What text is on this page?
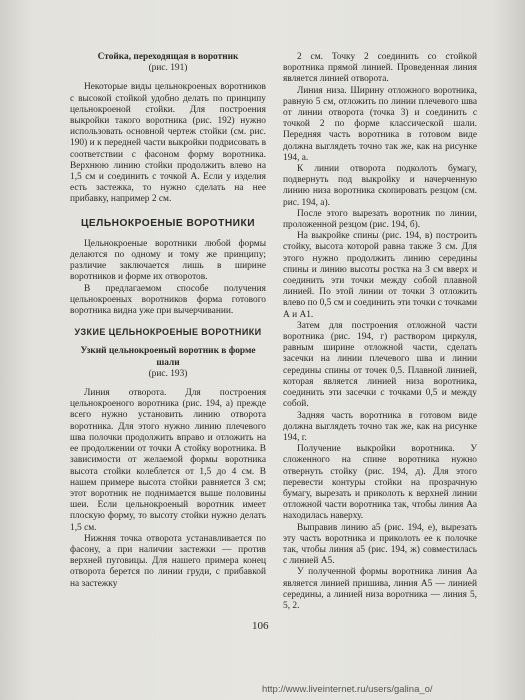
Стойка, переходящая в воротник

(рис. 191)

Некоторые виды цельнокроеных воротников с высокой стойкой удобно делать по принципу цельнокроеной стойки. Для построения выкройки такого воротника (рис. 192) нужно использовать основной чертеж стойки (см. рис. 190) и к передней части выкройки подрисовать в соответствии с фасоном форму воротника. Верхнюю линию стойки продолжить влево на 1,5 см и соединить с точкой А. Если у изделия есть застежка, то нужно сделать на нее прибавку, например 2 см.

ЦЕЛЬНОКРОЕНЫЕ ВОРОТНИКИ

Цельнокроеные воротники любой формы делаются по одному и тому же принципу; различие заключается лишь в ширине воротников и форме их отворотов.

В предлагаемом способе получения цельнокроеных воротников форма готового воротника видна уже при вычерчивании.

УЗКИЕ ЦЕЛЬНОКРОЕНЫЕ ВОРОТНИКИ

Узкий цельнокроеный воротник в форме шали

(рис. 193)

Линия отворота. Для построения цельнокроеного воротника (рис. 194, а) прежде всего нужно установить линию отворота воротника. Для этого нужно линию плечевого шва полочки продолжить вправо и отложить на ее продолжении от точки А стойку воротника. В зависимости от желаемой формы воротника высота стойки колеблется от 1,5 до 4 см. В нашем примере высота стойки равняется 3 см; этот воротник не поднимается выше половины шеи. Если цельнокроеный воротник имеет плоскую форму, то высоту стойки нужно делать 1,5 см.

Нижняя точка отворота устанавливается по фасону, а при наличии застежки — против верхней пуговицы. Для нашего примера конец отворота берется по линии груди, с прибавкой на застежку

2 см. Точку 2 соединить со стойкой воротника прямой линией. Проведенная линия является линией отворота.

Линия низа. Ширину отложного воротника, равную 5 см, отложить по линии плечевого шва от линии отворота (точка 3) и соединить с точкой 2 по форме классической шали. Передняя часть воротника в готовом виде должна выглядеть точно так же, как на рисунке 194, а.

К линии отворота подколоть бумагу, подвернуть под выкройку и начерченную линию низа воротника скопировать резцом (см. рис. 194, а).

После этого вырезать воротник по линии, проложенной резцом (рис. 194, б).

На выкройке спины (рис. 194, в) построить стойку, высота которой равна также 3 см. Для этого нужно продолжить линию середины спины и линию высоты ростка на 3 см вверх и соединить эти точки между собой плавной линией. По этой линии от точки 3 отложить влево по 0,5 см и соединить эти точки с точками А и А1.

Затем для построения отложной части воротника (рис. 194, г) раствором циркуля, равным ширине отложной части, сделать засечки на линии плечевого шва и линии середины спины от точек 0,5. Плавной линией, которая является линией низа воротника, соединить эти засечки с точками 0,5 и между собой.

Задняя часть воротника в готовом виде должна выглядеть точно так же, как на рисунке 194, г.

Получение выкройки воротника. У сложенного на спине воротника нужно отвернуть стойку (рис. 194, д). Для этого перевести контуры стойки на прозрачную бумагу, вырезать и приколоть к верхней линии отложной части воротника так, чтобы линия Аа находилась наверху.

Выправив линию а5 (рис. 194, е), вырезать эту часть воротника и приколоть ее к полочке так, чтобы линия а5 (рис. 194, ж) совместилась с линией А5.

У полученной формы воротника линия Аа является линией пришива, линия А5 — линией середины, а линией низа воротника — линия 5, 5, 2.

106
http://www.liveinternet.ru/users/galina_o/
